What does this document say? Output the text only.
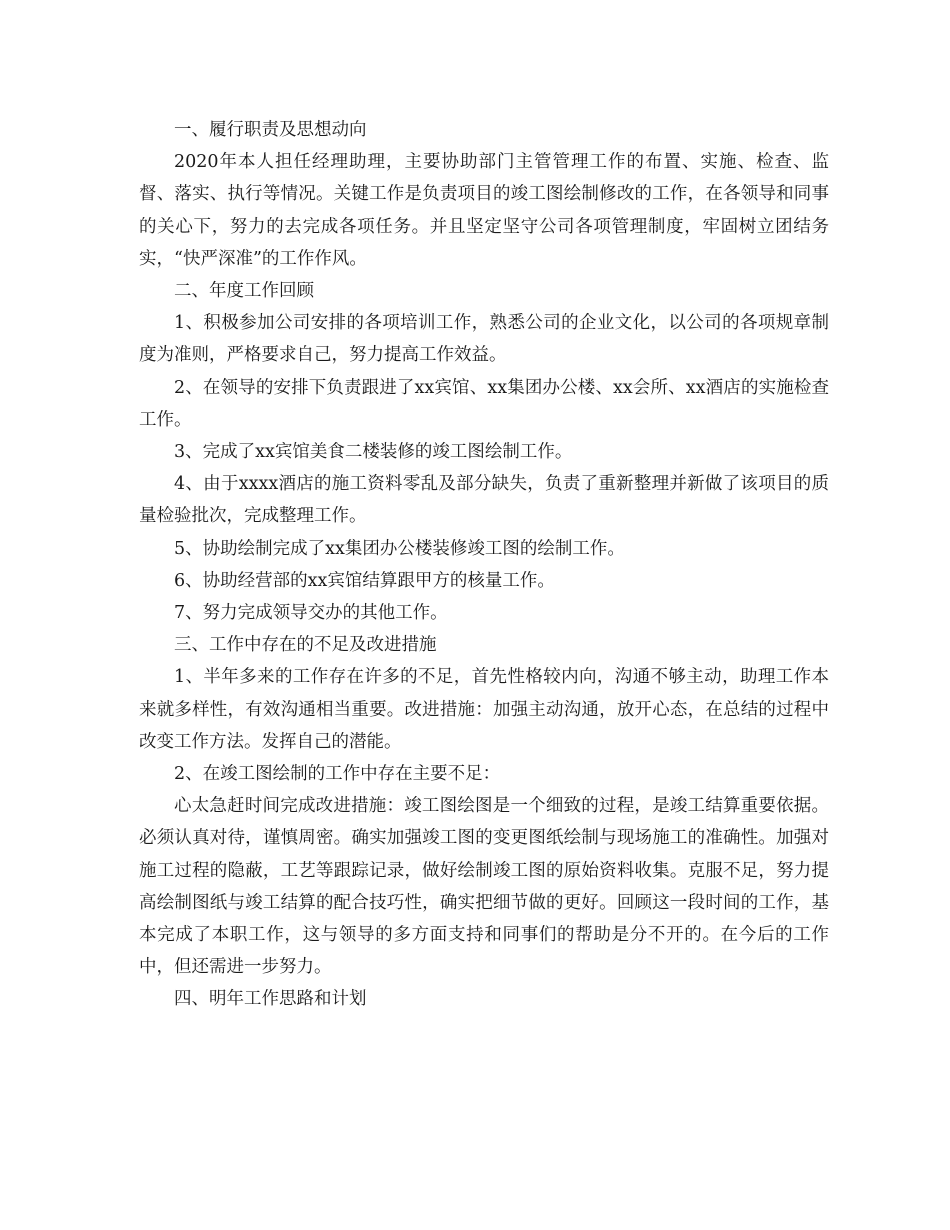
一、履行职责及思想动向

2020年本人担任经理助理，主要协助部门主管管理工作的布置、实施、检查、监督、落实、执行等情况。关键工作是负责项目的竣工图绘制修改的工作，在各领导和同事的关心下，努力的去完成各项任务。并且坚定坚守公司各项管理制度，牢固树立团结务实，“快严深准”的工作作风。

二、年度工作回顾

1、积极参加公司安排的各项培训工作，熟悉公司的企业文化，以公司的各项规章制度为准则，严格要求自己，努力提高工作效益。

2、在领导的安排下负责跟进了xx宾馆、xx集团办公楼、xx会所、xx酒店的实施检查工作。

3、完成了xx宾馆美食二楼装修的竣工图绘制工作。

4、由于xxxx酒店的施工资料零乱及部分缺失，负责了重新整理并新做了该项目的质量检验批次，完成整理工作。

5、协助绘制完成了xx集团办公楼装修竣工图的绘制工作。

6、协助经营部的xx宾馆结算跟甲方的核量工作。

7、努力完成领导交办的其他工作。

三、工作中存在的不足及改进措施

1、半年多来的工作存在许多的不足，首先性格较内向，沟通不够主动，助理工作本来就多样性，有效沟通相当重要。改进措施：加强主动沟通，放开心态，在总结的过程中改变工作方法。发挥自己的潜能。

2、在竣工图绘制的工作中存在主要不足：

心太急赶时间完成改进措施：竣工图绘图是一个细致的过程，是竣工结算重要依据。必须认真对待，谨慎周密。确实加强竣工图的变更图纸绘制与现场施工的准确性。加强对施工过程的隐蔽，工艺等跟踪记录，做好绘制竣工图的原始资料收集。克服不足，努力提高绘制图纸与竣工结算的配合技巧性，确实把细节做的更好。回顾这一段时间的工作，基本完成了本职工作，这与领导的多方面支持和同事们的帮助是分不开的。在今后的工作中，但还需进一步努力。

四、明年工作思路和计划
